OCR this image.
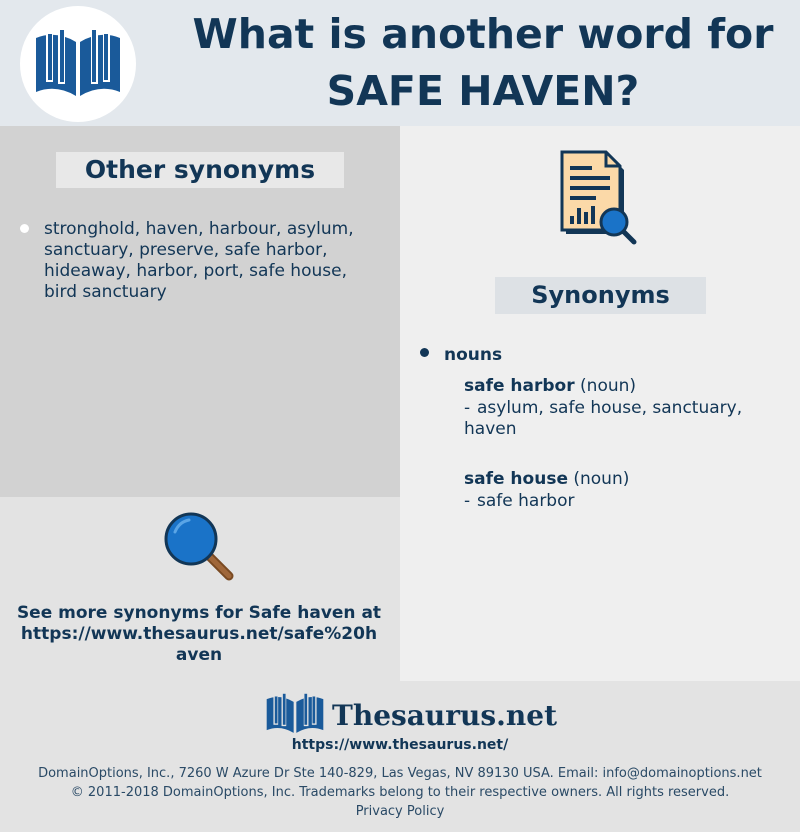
What is another word for
SAFE HAVEN?
Other synonyms
stronghold, haven, harbour, asylum, sanctuary, preserve, safe harbor, hideaway, harbor, port, safe house, bird sanctuary
See more synonyms for Safe haven at https://www.thesaurus.net/safe%20haven
Synonyms
nouns
safe harbor (noun)
- asylum, safe house, sanctuary, haven
safe house (noun)
- safe harbor
Thesaurus.net
https://www.thesaurus.net/
DomainOptions, Inc., 7260 W Azure Dr Ste 140-829, Las Vegas, NV 89130 USA. Email: info@domainoptions.net
© 2011-2018 DomainOptions, Inc. Trademarks belong to their respective owners. All rights reserved.
Privacy Policy
